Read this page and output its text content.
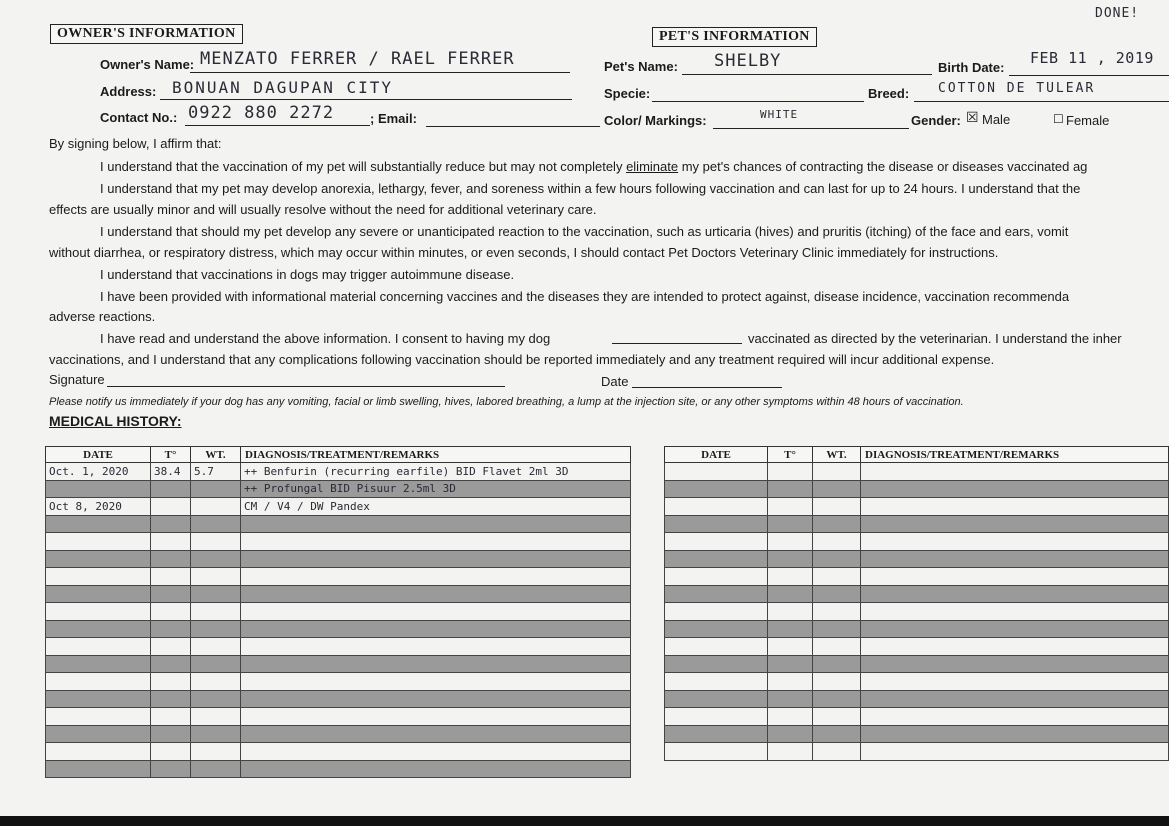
DONE!
OWNER'S INFORMATION
Owner's Name: MENZATO FERRER / RAEL FERRER
Address: BONUAN DAGUPAN CITY
Contact No.: 0922 880 2272	; Email:
PET'S INFORMATION
Pet's Name: SHELBY	Birth Date:
FEB 11 , 2019
Specie:	Breed: COTTON DE TULEAR
Color/ Markings:	WHITE	Gender: ☒ Male	☐ Female
By signing below, I affirm that:
I understand that the vaccination of my pet will substantially reduce but may not completely eliminate my pet's chances of contracting the disease or diseases vaccinated ag
I understand that my pet may develop anorexia, lethargy, fever, and soreness within a few hours following vaccination and can last for up to 24 hours. I understand that the
effects are usually minor and will usually resolve without the need for additional veterinary care.
I understand that should my pet develop any severe or unanticipated reaction to the vaccination, such as urticaria (hives) and pruritis (itching) of the face and ears, vomit
without diarrhea, or respiratory distress, which may occur within minutes, or even seconds, I should contact Pet Doctors Veterinary Clinic immediately for instructions.
I understand that vaccinations in dogs may trigger autoimmune disease.
I have been provided with informational material concerning vaccines and the diseases they are intended to protect against, disease incidence, vaccination recommenda
adverse reactions.
I have read and understand the above information. I consent to having my dog	vaccinated as directed by the veterinarian. I understand the inher
vaccinations, and I understand that any complications following vaccination should be reported immediately and any treatment required will incur additional expense.
Signature	Date
Please notify us immediately if your dog has any vomiting, facial or limb swelling, hives, labored breathing, a lump at the injection site, or any other symptoms within 48 hours of vaccination.
MEDICAL HISTORY:
DATE	T°	WT.	DIAGNOSIS/TREATMENT/REMARKS
Oct. 1, 2020	38.4	5.7	++ Benfurin (recurring earfile) BID Flavet 2ml 3D
			++ Profungal BID Pisuur 2.5ml 3D
Oct 8, 2020			CM / V4 / DW Pandex

DATE	T°	WT.	DIAGNOSIS/TREATMENT/REMARKS
